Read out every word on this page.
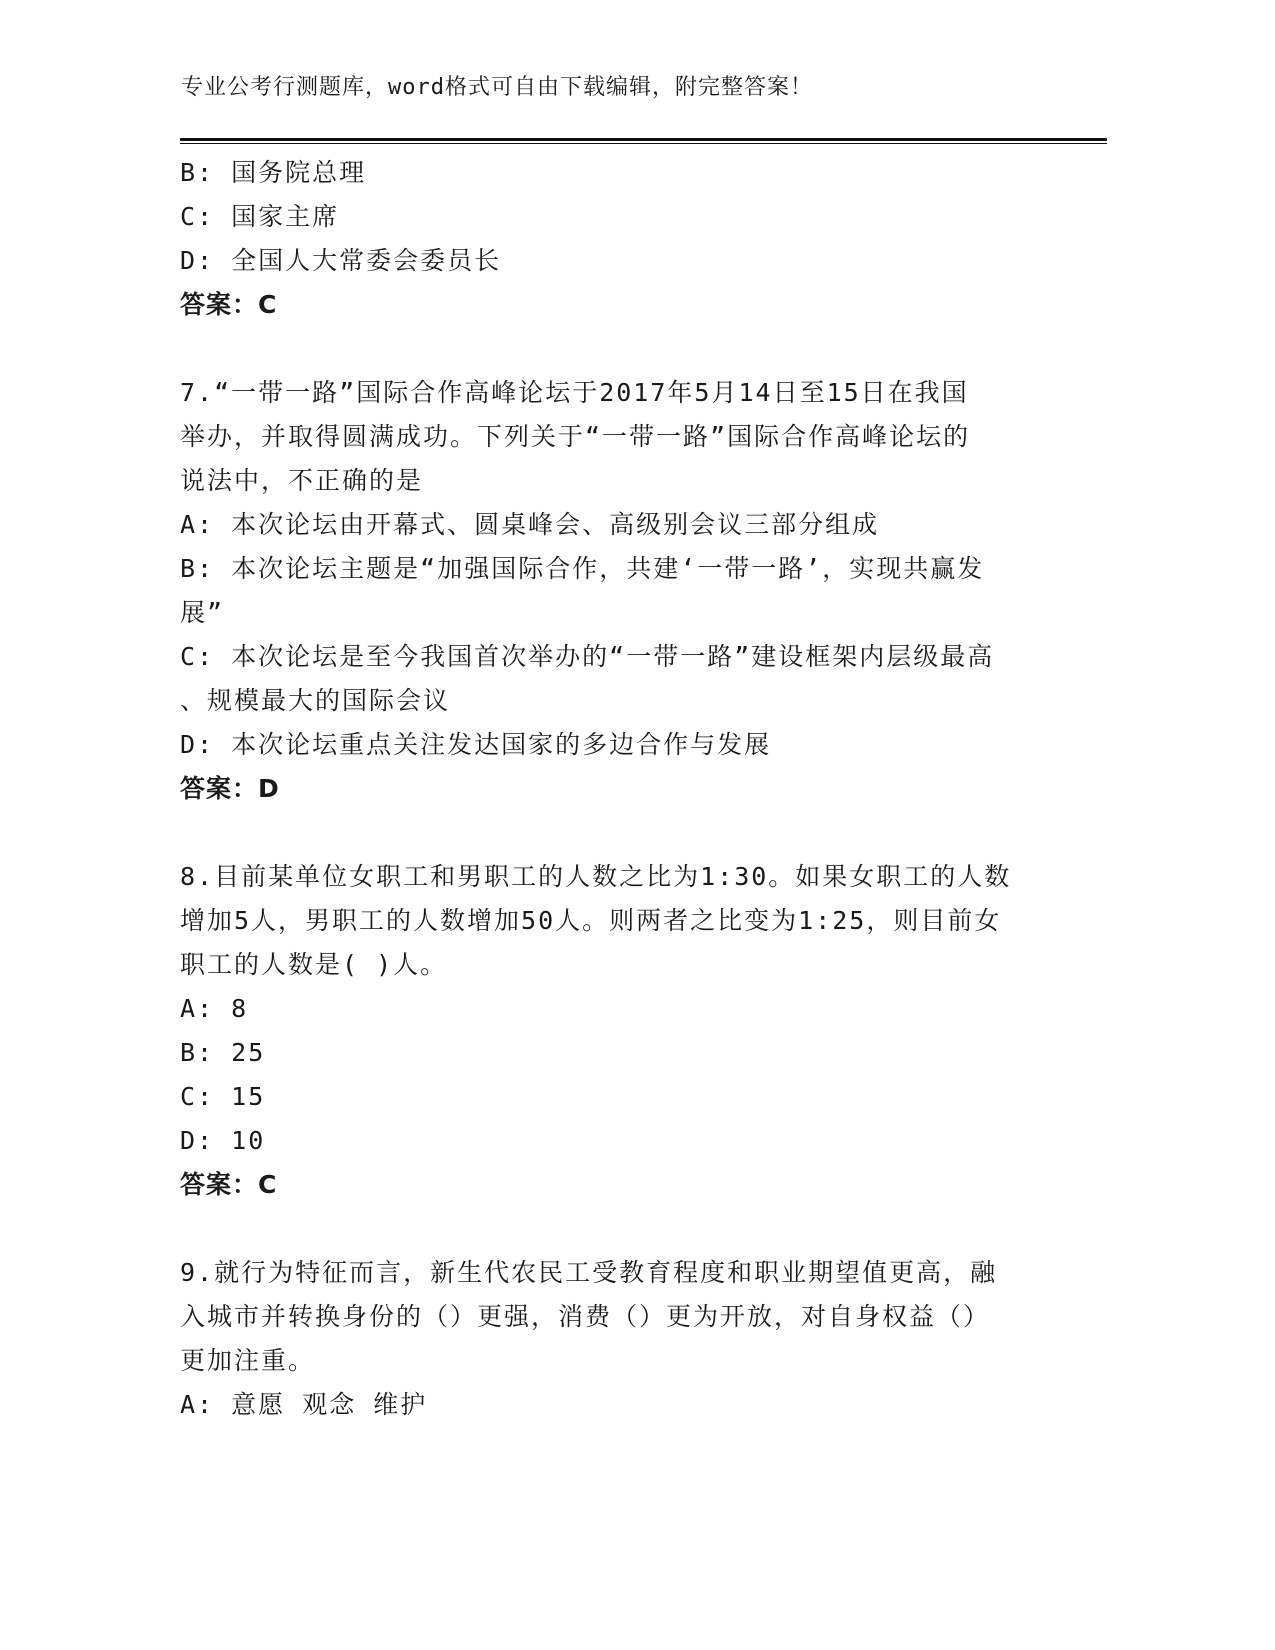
专业公考行测题库，word格式可自由下载编辑，附完整答案！

B: 国务院总理

C: 国家主席

D: 全国人大常委会委员长

答案：C

7.“一带一路”国际合作高峰论坛于2017年5月14日至15日在我国

举办，并取得圆满成功。下列关于“一带一路”国际合作高峰论坛的

说法中，不正确的是

A: 本次论坛由开幕式、圆桌峰会、高级别会议三部分组成

B: 本次论坛主题是“加强国际合作，共建‘一带一路’，实现共赢发

展”

C: 本次论坛是至今我国首次举办的“一带一路”建设框架内层级最高

、规模最大的国际会议

D: 本次论坛重点关注发达国家的多边合作与发展

答案：D

8.目前某单位女职工和男职工的人数之比为1:30。如果女职工的人数

增加5人，男职工的人数增加50人。则两者之比变为1:25，则目前女

职工的人数是( )人。

A: 8

B: 25

C: 15

D: 10

答案：C

9.就行为特征而言，新生代农民工受教育程度和职业期望值更高，融

入城市并转换身份的（）更强，消费（）更为开放，对自身权益（）

更加注重。

A: 意愿 观念 维护
